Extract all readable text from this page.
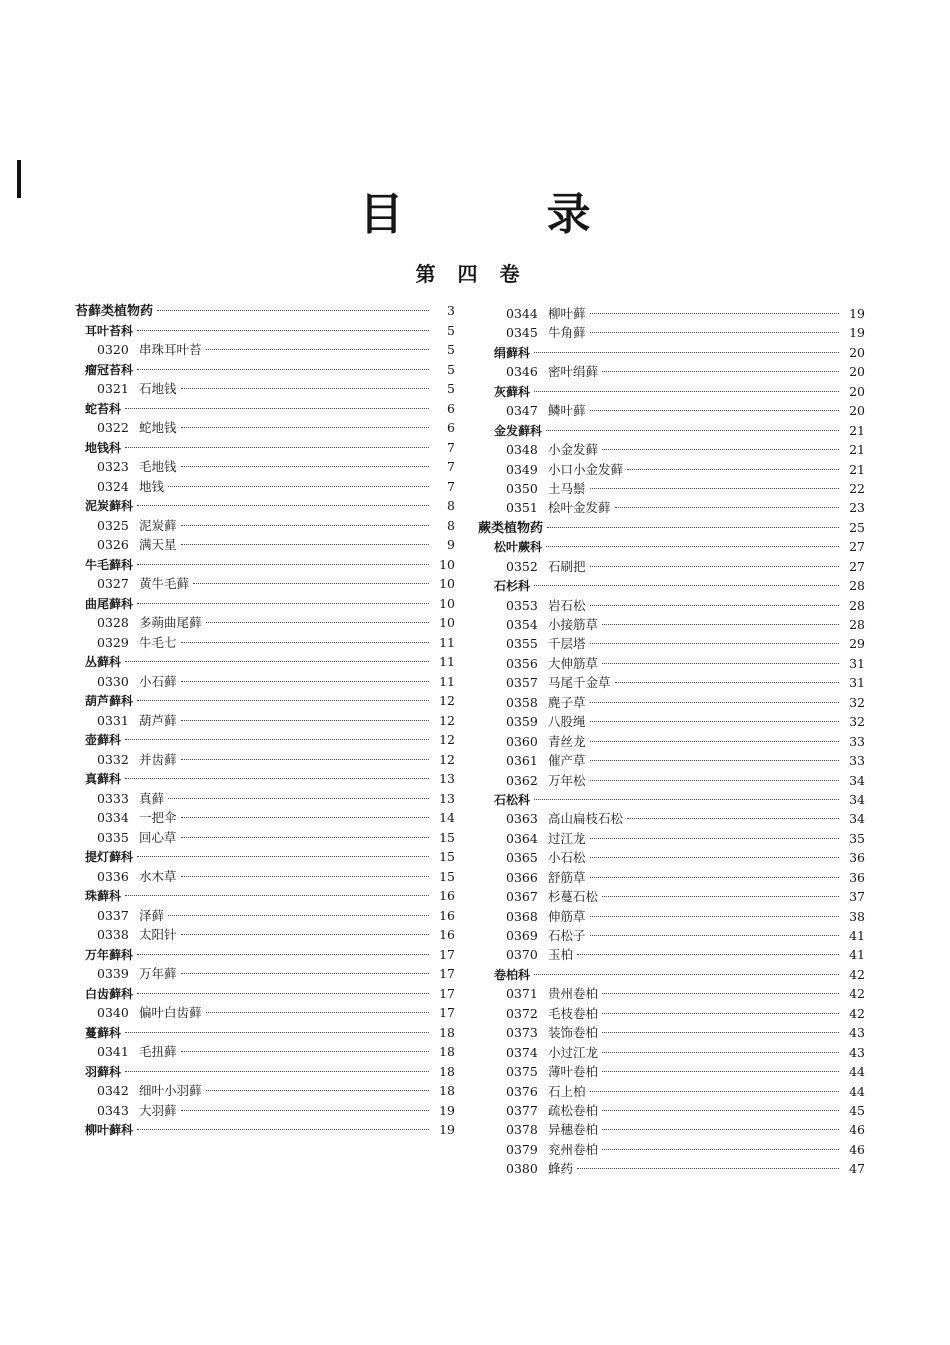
目 录
第四卷
苔藓类植物药	3
耳叶苔科	5
0320 串珠耳叶苔	5
瘤冠苔科	5
0321 石地钱	5
蛇苔科	6
0322 蛇地钱	6
地钱科	7
0323 毛地钱	7
0324 地钱	7
泥炭藓科	8
0325 泥炭藓	8
0326 满天星	9
牛毛藓科	10
0327 黄牛毛藓	10
曲尾藓科	10
0328 多蒴曲尾藓	10
0329 牛毛七	11
丛藓科	11
0330 小石藓	11
葫芦藓科	12
0331 葫芦藓	12
壶藓科	12
0332 并齿藓	12
真藓科	13
0333 真藓	13
0334 一把伞	14
0335 回心草	15
提灯藓科	15
0336 水木草	15
珠藓科	16
0337 泽藓	16
0338 太阳针	16
万年藓科	17
0339 万年藓	17
白齿藓科	17
0340 偏叶白齿藓	17
蔓藓科	18
0341 毛扭藓	18
羽藓科	18
0342 细叶小羽藓	18
0343 大羽藓	19
柳叶藓科	19
0344 柳叶藓	19
0345 牛角藓	19
绢藓科	20
0346 密叶绢藓	20
灰藓科	20
0347 鳞叶藓	20
金发藓科	21
0348 小金发藓	21
0349 小口小金发藓	21
0350 土马鬃	22
0351 桧叶金发藓	23
蕨类植物药	25
松叶蕨科	27
0352 石刷把	27
石杉科	28
0353 岩石松	28
0354 小接筋草	28
0355 千层塔	29
0356 大伸筋草	31
0357 马尾千金草	31
0358 麂子草	32
0359 八股绳	32
0360 青丝龙	33
0361 催产草	33
0362 万年松	34
石松科	34
0363 高山扁枝石松	34
0364 过江龙	35
0365 小石松	36
0366 舒筋草	36
0367 杉蔓石松	37
0368 伸筋草	38
0369 石松子	41
0370 玉柏	41
卷柏科	42
0371 贵州卷柏	42
0372 毛枝卷柏	42
0373 装饰卷柏	43
0374 小过江龙	43
0375 薄叶卷柏	44
0376 石上柏	44
0377 疏松卷柏	45
0378 异穗卷柏	46
0379 兖州卷柏	46
0380 蜂药	47
